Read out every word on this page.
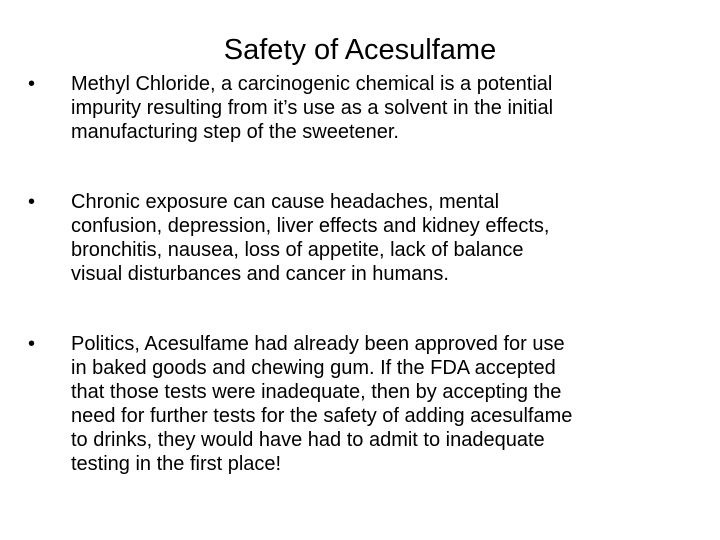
Safety of Acesulfame
•	Methyl Chloride, a carcinogenic chemical is a potential
impurity resulting from it’s use as a solvent in the initial
manufacturing step of the sweetener.
•	Chronic exposure can cause headaches, mental
confusion, depression, liver effects and kidney effects,
bronchitis, nausea, loss of appetite, lack of balance
visual disturbances and cancer in humans.
•	Politics, Acesulfame had already been approved for use
in baked goods and chewing gum. If the FDA accepted
that those tests were inadequate, then by accepting the
need for further tests for the safety of adding acesulfame
to drinks, they would have had to admit to inadequate
testing in the first place!
